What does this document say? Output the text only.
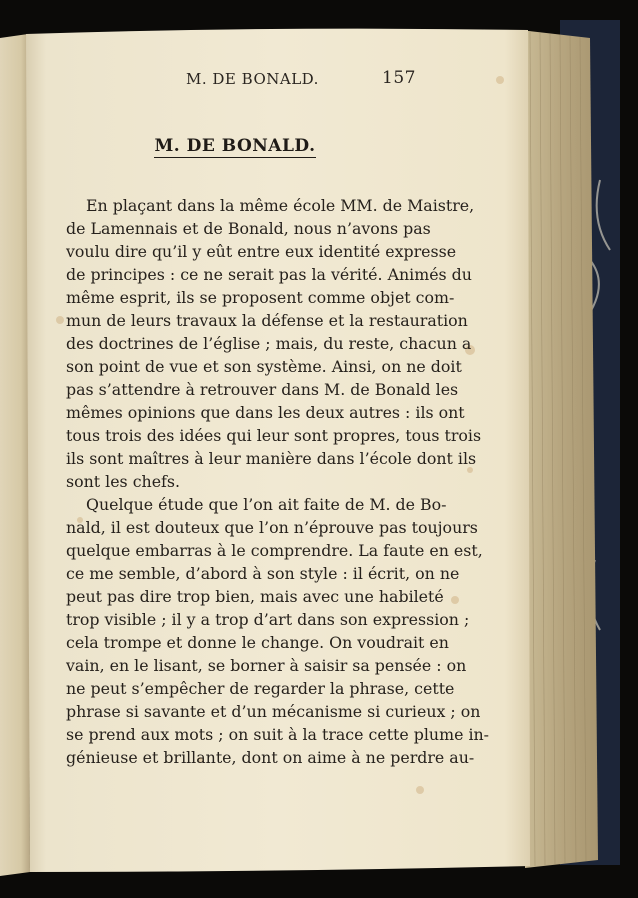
M. DE BONALD.	157
M. DE BONALD.
En plaçant dans la même école MM. de Maistre,
de Lamennais et de Bonald, nous n’avons pas
voulu dire qu’il y eût entre eux identité expresse
de principes : ce ne serait pas la vérité. Animés du
même esprit, ils se proposent comme objet com-
mun de leurs travaux la défense et la restauration
des doctrines de l’église ; mais, du reste, chacun a
son point de vue et son système. Ainsi, on ne doit
pas s’attendre à retrouver dans M. de Bonald les
mêmes opinions que dans les deux autres : ils ont
tous trois des idées qui leur sont propres, tous trois
ils sont maîtres à leur manière dans l’école dont ils
sont les chefs.
Quelque étude que l’on ait faite de M. de Bo-
nald, il est douteux que l’on n’éprouve pas toujours
quelque embarras à le comprendre. La faute en est,
ce me semble, d’abord à son style : il écrit, on ne
peut pas dire trop bien, mais avec une habileté
trop visible ; il y a trop d’art dans son expression ;
cela trompe et donne le change. On voudrait en
vain, en le lisant, se borner à saisir sa pensée : on
ne peut s’empêcher de regarder la phrase, cette
phrase si savante et d’un mécanisme si curieux ; on
se prend aux mots ; on suit à la trace cette plume in-
génieuse et brillante, dont on aime à ne perdre au-
